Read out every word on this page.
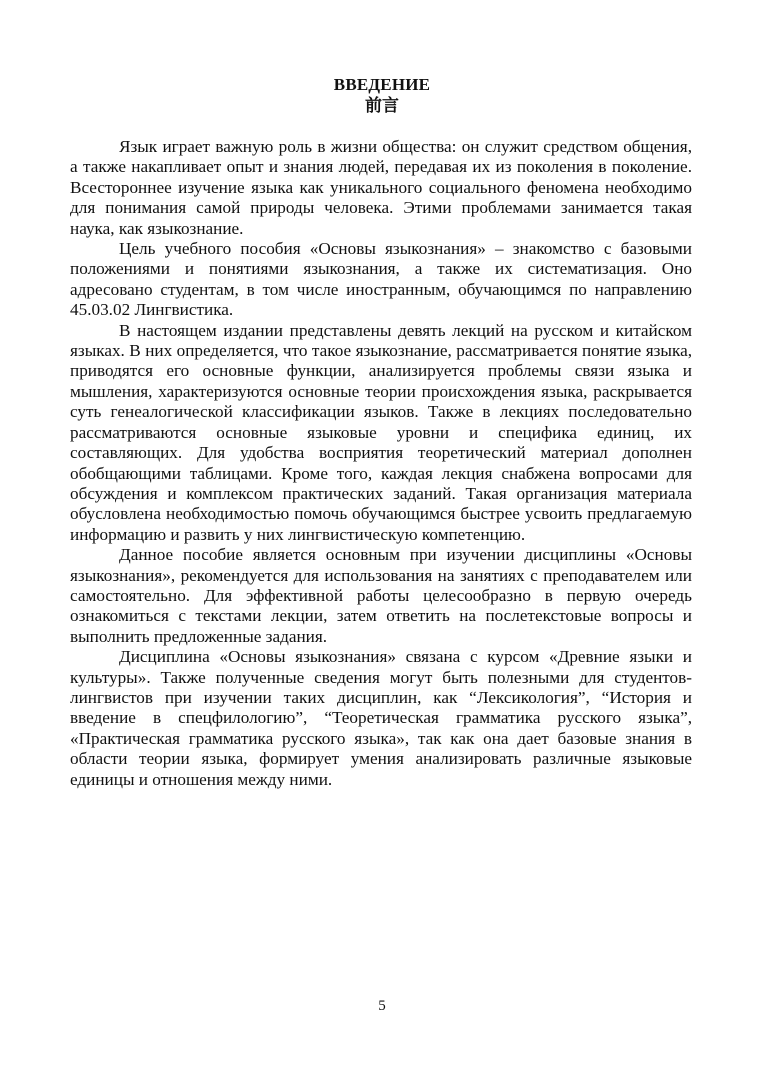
ВВЕДЕНИЕ
前言

Язык играет важную роль в жизни общества: он служит средством общения, а также накапливает опыт и знания людей, передавая их из поколения в поколение. Всестороннее изучение языка как уникального социального феномена необходимо для понимания самой природы человека. Этими проблемами занимается такая наука, как языкознание.

Цель учебного пособия «Основы языкознания» – знакомство с базовыми положениями и понятиями языкознания, а также их систематизация. Оно адресовано студентам, в том числе иностранным, обучающимся по направлению 45.03.02 Лингвистика.

В настоящем издании представлены девять лекций на русском и китайском языках. В них определяется, что такое языкознание, рассматривается понятие языка, приводятся его основные функции, анализируется проблемы связи языка и мышления, характеризуются основные теории происхождения языка, раскрывается суть генеалогической классификации языков. Также в лекциях последовательно рассматриваются основные языковые уровни и специфика единиц, их составляющих. Для удобства восприятия теоретический материал дополнен обобщающими таблицами. Кроме того, каждая лекция снабжена вопросами для обсуждения и комплексом практических заданий. Такая организация материала обусловлена необходимостью помочь обучающимся быстрее усвоить предлагаемую информацию и развить у них лингвистическую компетенцию.

Данное пособие является основным при изучении дисциплины «Основы языкознания», рекомендуется для использования на занятиях с преподавателем или самостоятельно. Для эффективной работы целесообразно в первую очередь ознакомиться с текстами лекции, затем ответить на послетекстовые вопросы и выполнить предложенные задания.

Дисциплина «Основы языкознания» связана с курсом «Древние языки и культуры». Также полученные сведения могут быть полезными для студентов-лингвистов при изучении таких дисциплин, как “Лексикология”, “История и введение в спецфилологию”, “Теоретическая грамматика русского языка”, «Практическая грамматика русского языка», так как она дает базовые знания в области теории языка, формирует умения анализировать различные языковые единицы и отношения между ними.

5
